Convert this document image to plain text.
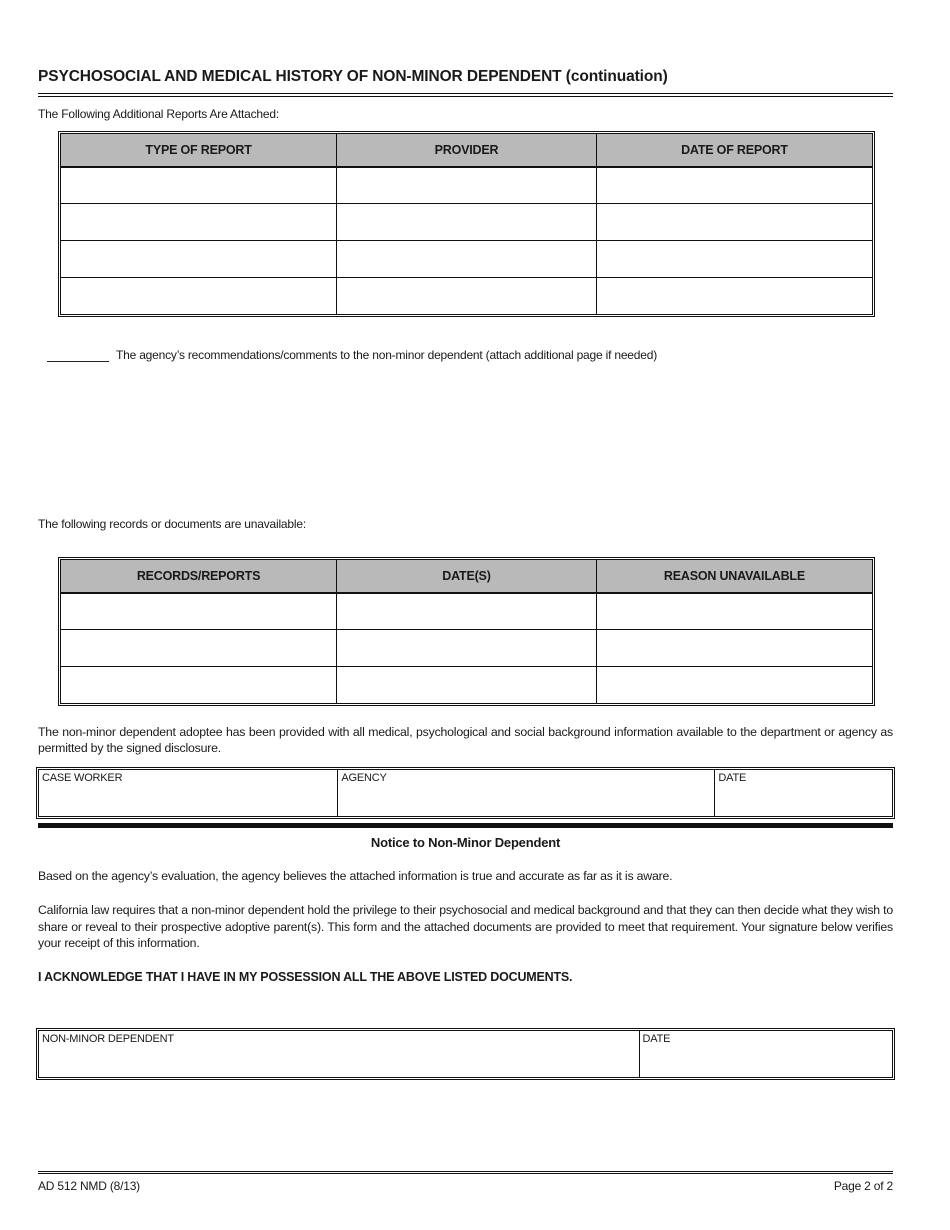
PSYCHOSOCIAL AND MEDICAL HISTORY OF NON-MINOR DEPENDENT (continuation)
The Following Additional Reports Are Attached:
TYPE OF REPORT	PROVIDER	DATE OF REPORT

The agency’s recommendations/comments to the non-minor dependent (attach additional page if needed)
The following records or documents are unavailable:
RECORDS/REPORTS	DATE(S)	REASON UNAVAILABLE

The non-minor dependent adoptee has been provided with all medical, psychological and social background information available to the department or agency as permitted by the signed disclosure.
CASE WORKER	AGENCY	DATE
Notice to Non-Minor Dependent
Based on the agency’s evaluation, the agency believes the attached information is true and accurate as far as it is aware.
California law requires that a non-minor dependent hold the privilege to their psychosocial and medical background and that they can then decide what they wish to share or reveal to their prospective adoptive parent(s). This form and the attached documents are provided to meet that requirement. Your signature below verifies your receipt of this information.
I ACKNOWLEDGE THAT I HAVE IN MY POSSESSION ALL THE ABOVE LISTED DOCUMENTS.
NON-MINOR DEPENDENT	DATE
AD 512 NMD (8/13)	Page 2 of 2
